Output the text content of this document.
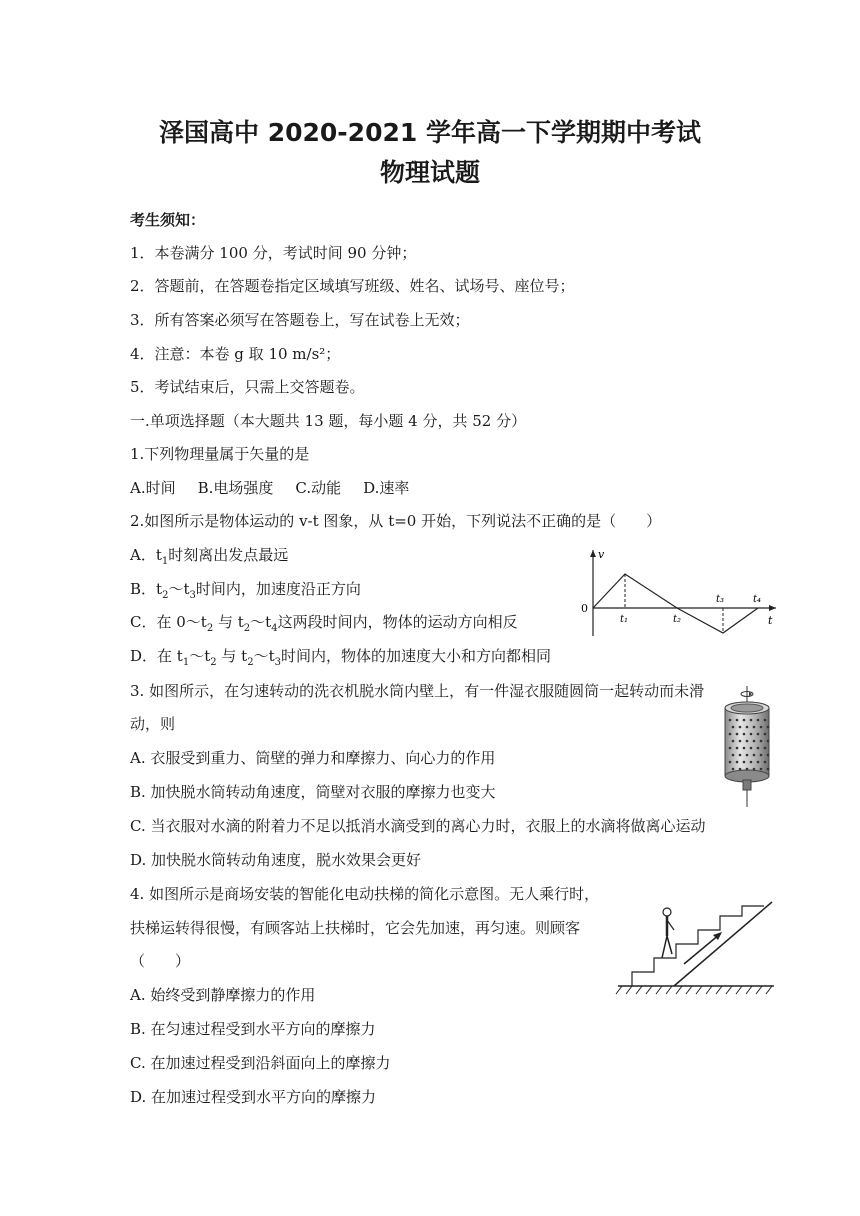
泽国高中 2020-2021 学年高一下学期期中考试
物理试题
考生须知：
1．本卷满分 100 分，考试时间 90 分钟；
2．答题前，在答题卷指定区域填写班级、姓名、试场号、座位号；
3．所有答案必须写在答题卷上，写在试卷上无效；
4．注意：本卷 g 取 10 m/s²；
5．考试结束后，只需上交答题卷。
一.单项选择题（本大题共 13 题，每小题 4 分，共 52 分）
1.下列物理量属于矢量的是
A.时间 B.电场强度 C.动能 D.速率
2.如图所示是物体运动的 v-t 图象，从 t=0 开始，下列说法不正确的是（　　）
A．$t_1$时刻离出发点最远
B．$t_2\sim t_3$时间内，加速度沿正方向
C．在 $0\sim t_2$ 与 $t_2\sim t_4$这两段时间内，物体的运动方向相反
D．在 $t_1\sim t_2$ 与 $t_2\sim t_3$时间内，物体的加速度大小和方向都相同
v
0
t
t₁	t₂
t₃	t₄
3. 如图所示，在匀速转动的洗衣机脱水筒内壁上，有一件湿衣服随圆筒一起转动而未滑
动，则
A. 衣服受到重力、筒壁的弹力和摩擦力、向心力的作用
B. 加快脱水筒转动角速度，筒壁对衣服的摩擦力也变大
C. 当衣服对水滴的附着力不足以抵消水滴受到的离心力时，衣服上的水滴将做离心运动
D. 加快脱水筒转动角速度，脱水效果会更好
4. 如图所示是商场安装的智能化电动扶梯的简化示意图。无人乘行时，
扶梯运转得很慢，有顾客站上扶梯时，它会先加速，再匀速。则顾客
（　　）
A. 始终受到静摩擦力的作用
B. 在匀速过程受到水平方向的摩擦力
C. 在加速过程受到沿斜面向上的摩擦力
D. 在加速过程受到水平方向的摩擦力
